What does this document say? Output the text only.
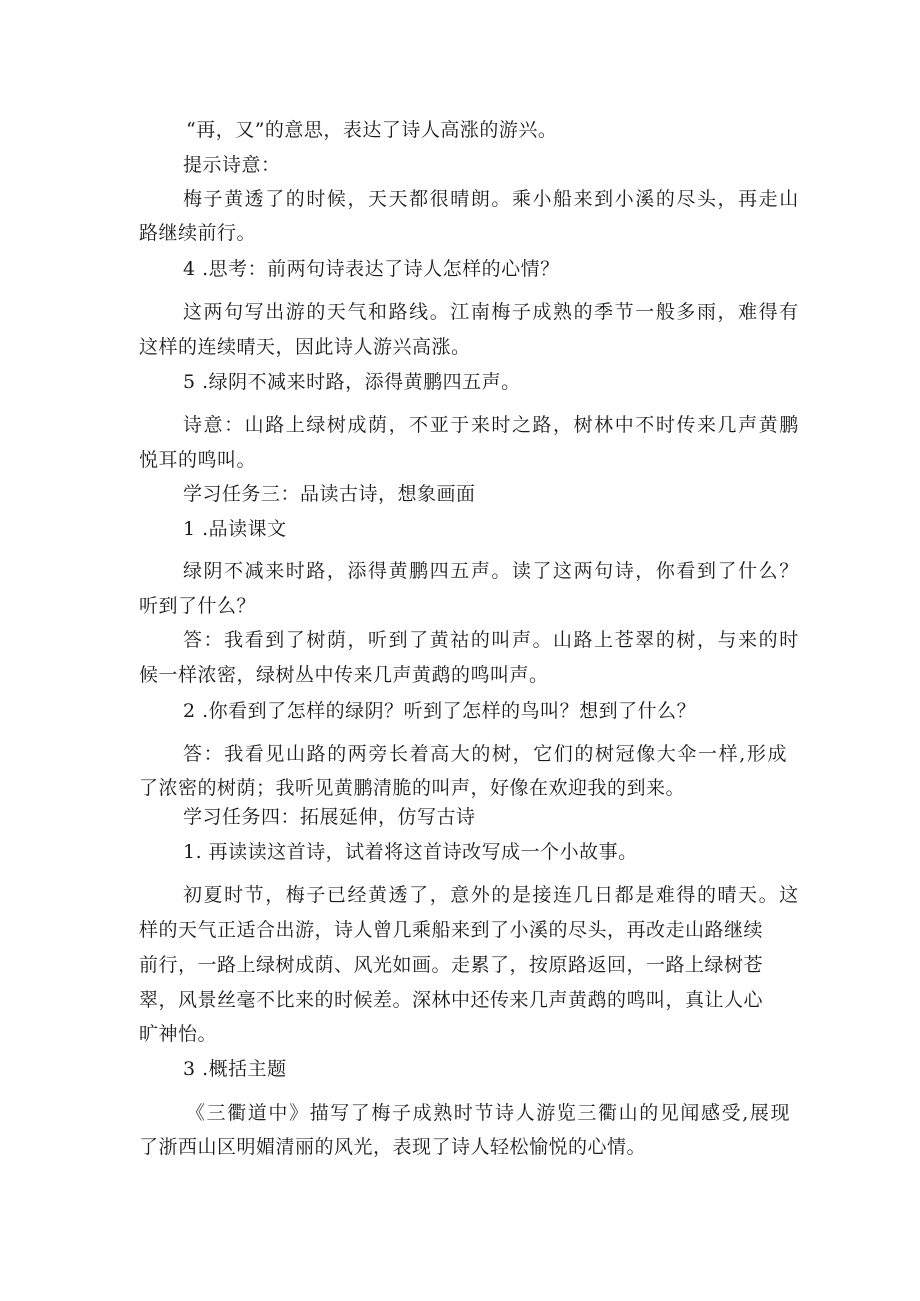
“再，又”的意思，表达了诗人高涨的游兴。
提示诗意：
梅子黄透了的时候，天天都很晴朗。乘小船来到小溪的尽头，再走山
路继续前行。
4 .思考：前两句诗表达了诗人怎样的心情？
这两句写出游的天气和路线。江南梅子成熟的季节一般多雨，难得有
这样的连续晴天，因此诗人游兴高涨。
5 .绿阴不减来时路，添得黄鹏四五声。
诗意：山路上绿树成荫，不亚于来时之路，树林中不时传来几声黄鹏
悦耳的鸣叫。
学习任务三：品读古诗，想象画面
1 .品读课文
绿阴不减来时路，添得黄鹏四五声。读了这两句诗，你看到了什么？
听到了什么？
答：我看到了树荫，听到了黄祜的叫声。山路上苍翠的树，与来的时
候一样浓密，绿树丛中传来几声黄鹉的鸣叫声。
2 .你看到了怎样的绿阴？听到了怎样的鸟叫？想到了什么？
答：我看见山路的两旁长着高大的树，它们的树冠像大伞一样,形成
了浓密的树荫；我听见黄鹏清脆的叫声，好像在欢迎我的到来。
学习任务四：拓展延伸，仿写古诗
1. 再读读这首诗，试着将这首诗改写成一个小故事。
初夏时节，梅子已经黄透了，意外的是接连几日都是难得的晴天。这
样的天气正适合出游，诗人曾几乘船来到了小溪的尽头，再改走山路继续
前行，一路上绿树成荫、风光如画。走累了，按原路返回，一路上绿树苍
翠，风景丝毫不比来的时候差。深林中还传来几声黄鹉的鸣叫，真让人心
旷神怡。
3 .概括主题
《三衢道中》描写了梅子成熟时节诗人游览三衢山的见闻感受,展现
了浙西山区明媚清丽的风光，表现了诗人轻松愉悦的心情。
